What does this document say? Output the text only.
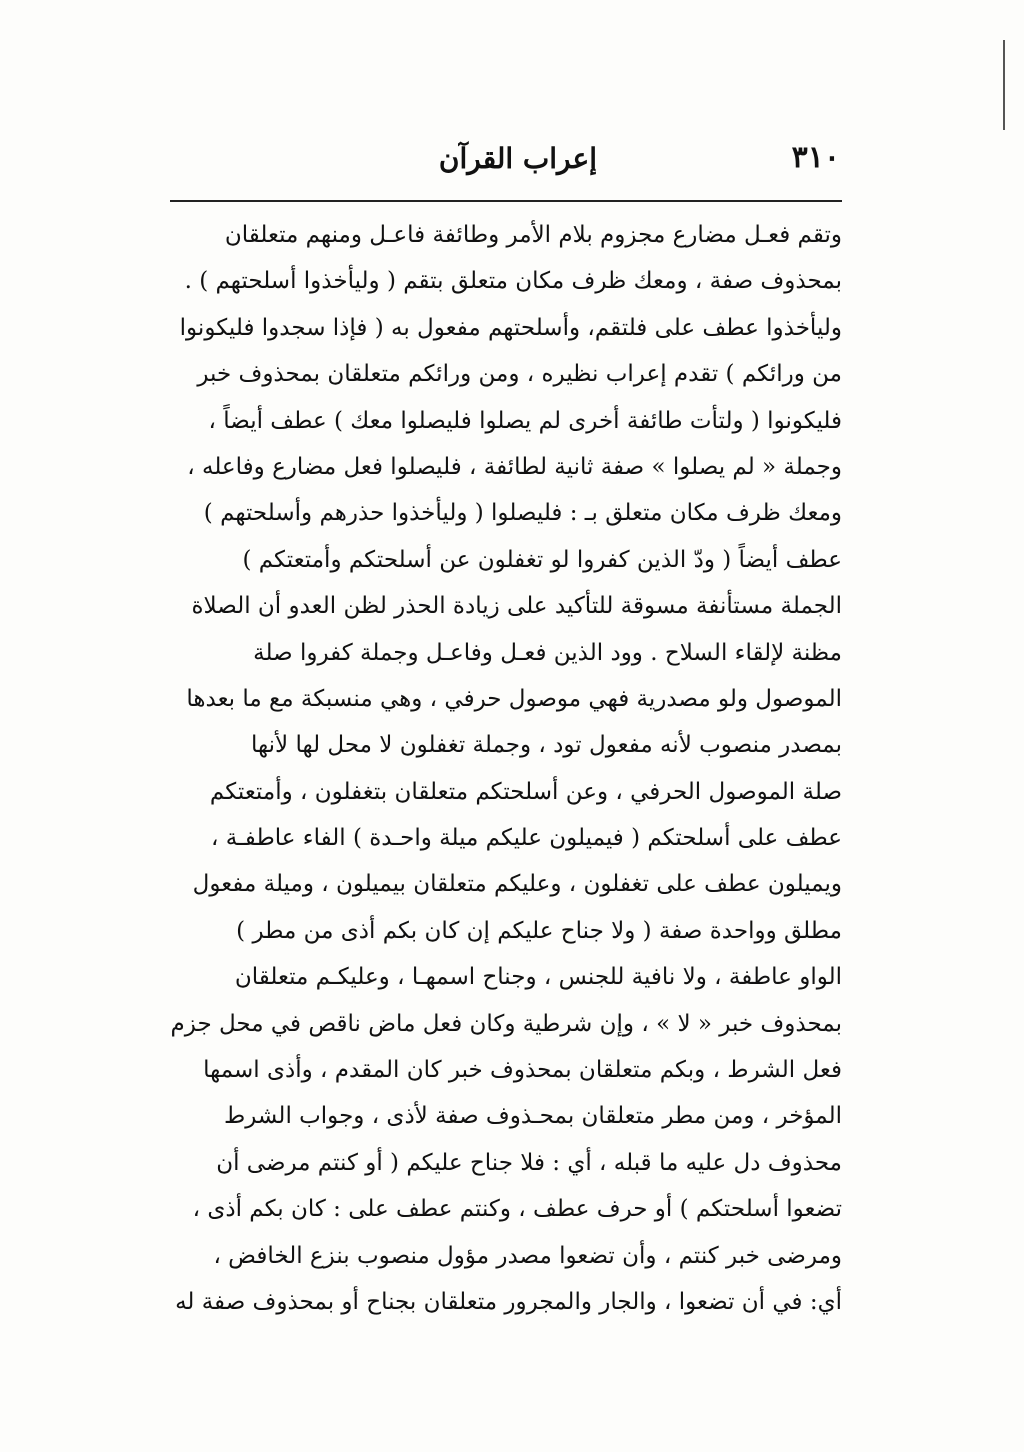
٣١٠
إعراب القرآن
وتقم فعـل مضارع مجزوم بلام الأمر وطائفة فاعـل ومنهم متعلقان
بمحذوف صفة ، ومعك ظرف مكان متعلق بتقم ( وليأخذوا أسلحتهم ) .
وليأخذوا عطف على فلتقم، وأسلحتهم مفعول به ( فإذا سجدوا فليكونوا
من ورائكم ) تقدم إعراب نظيره ، ومن ورائكم متعلقان بمحذوف خبر
فليكونوا ( ولتأت طائفة أخرى لم يصلوا فليصلوا معك ) عطف أيضاً ،
وجملة « لم يصلوا » صفة ثانية لطائفة ، فليصلوا فعل مضارع وفاعله ،
ومعك ظرف مكان متعلق بـ : فليصلوا ( وليأخذوا حذرهم وأسلحتهم )
عطف أيضاً ( ودّ الذين كفروا لو تغفلون عن أسلحتكم وأمتعتكم )
الجملة مستأنفة مسوقة للتأكيد على زيادة الحذر لظن العدو أن الصلاة
مظنة لإلقاء السلاح . وود الذين فعـل وفاعـل وجملة كفروا صلة
الموصول ولو مصدرية فهي موصول حرفي ، وهي منسبكة مع ما بعدها
بمصدر منصوب لأنه مفعول تود ، وجملة تغفلون لا محل لها لأنها
صلة الموصول الحرفي ، وعن أسلحتكم متعلقان بتغفلون ، وأمتعتكم
عطف على أسلحتكم ( فيميلون عليكم ميلة واحـدة ) الفاء عاطفـة ،
ويميلون عطف على تغفلون ، وعليكم متعلقان بيميلون ، وميلة مفعول
مطلق وواحدة صفة ( ولا جناح عليكم إن كان بكم أذى من مطر )
الواو عاطفة ، ولا نافية للجنس ، وجناح اسمهـا ، وعليكـم متعلقان
بمحذوف خبر « لا » ، وإن شرطية وكان فعل ماض ناقص في محل جزم
فعل الشرط ، وبكم متعلقان بمحذوف خبر كان المقدم ، وأذى اسمها
المؤخر ، ومن مطر متعلقان بمحـذوف صفة لأذى ، وجواب الشرط
محذوف دل عليه ما قبله ، أي : فلا جناح عليكم ( أو كنتم مرضى أن
تضعوا أسلحتكم ) أو حرف عطف ، وكنتم عطف على : كان بكم أذى ،
ومرضى خبر كنتم ، وأن تضعوا مصدر مؤول منصوب بنزع الخافض ،
أي: في أن تضعوا ، والجار والمجرور متعلقان بجناح أو بمحذوف صفة له
